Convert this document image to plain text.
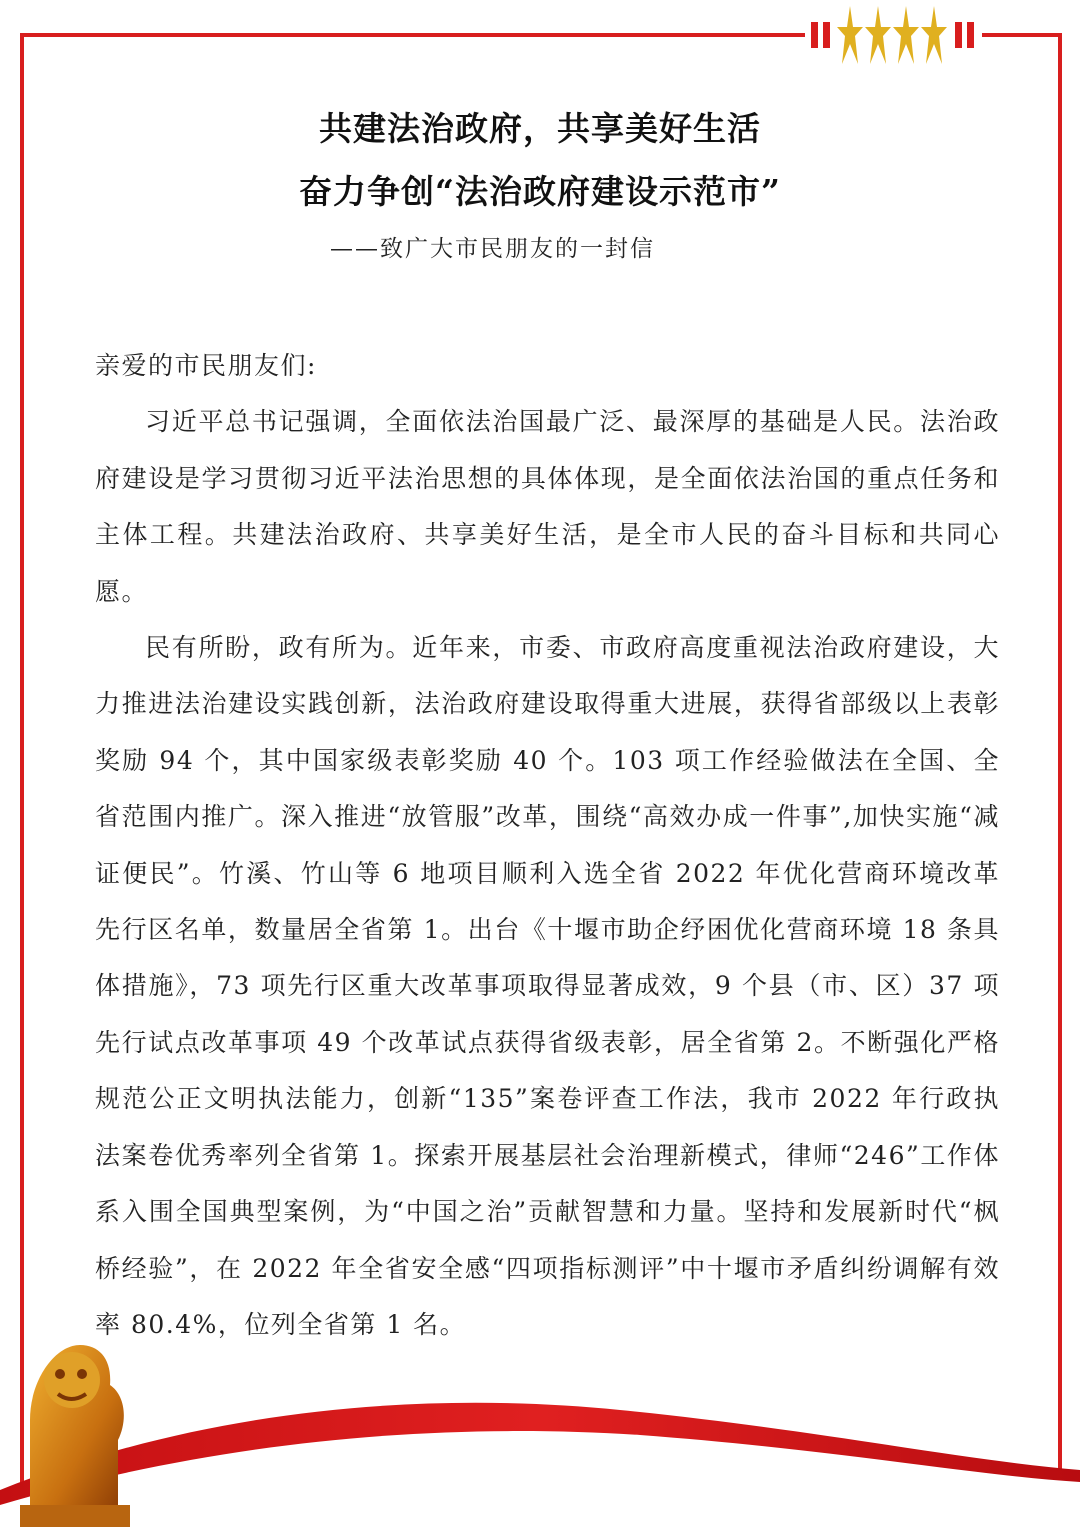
共建法治政府，共享美好生活
奋力争创“法治政府建设示范市”
——致广大市民朋友的一封信

亲爱的市民朋友们:

习近平总书记强调，全面依法治国最广泛、最深厚的基础是人民。法治政府建设是学习贯彻习近平法治思想的具体体现，是全面依法治国的重点任务和主体工程。共建法治政府、共享美好生活，是全市人民的奋斗目标和共同心愿。

民有所盼，政有所为。近年来，市委、市政府高度重视法治政府建设，大力推进法治建设实践创新，法治政府建设取得重大进展，获得省部级以上表彰奖励 94 个，其中国家级表彰奖励 40 个。103 项工作经验做法在全国、全省范围内推广。深入推进“放管服”改革，围绕“高效办成一件事”,加快实施“减证便民”。竹溪、竹山等 6 地项目顺利入选全省 2022 年优化营商环境改革先行区名单，数量居全省第 1。出台《十堰市助企纾困优化营商环境 18 条具体措施》，73 项先行区重大改革事项取得显著成效，9 个县（市、区）37 项先行试点改革事项 49 个改革试点获得省级表彰，居全省第 2。不断强化严格规范公正文明执法能力，创新“135”案卷评查工作法，我市 2022 年行政执法案卷优秀率列全省第 1。探索开展基层社会治理新模式，律师“246”工作体系入围全国典型案例，为“中国之治”贡献智慧和力量。坚持和发展新时代“枫桥经验”，在 2022 年全省安全感“四项指标测评”中十堰市矛盾纠纷调解有效率 80.4%，位列全省第 1 名。
